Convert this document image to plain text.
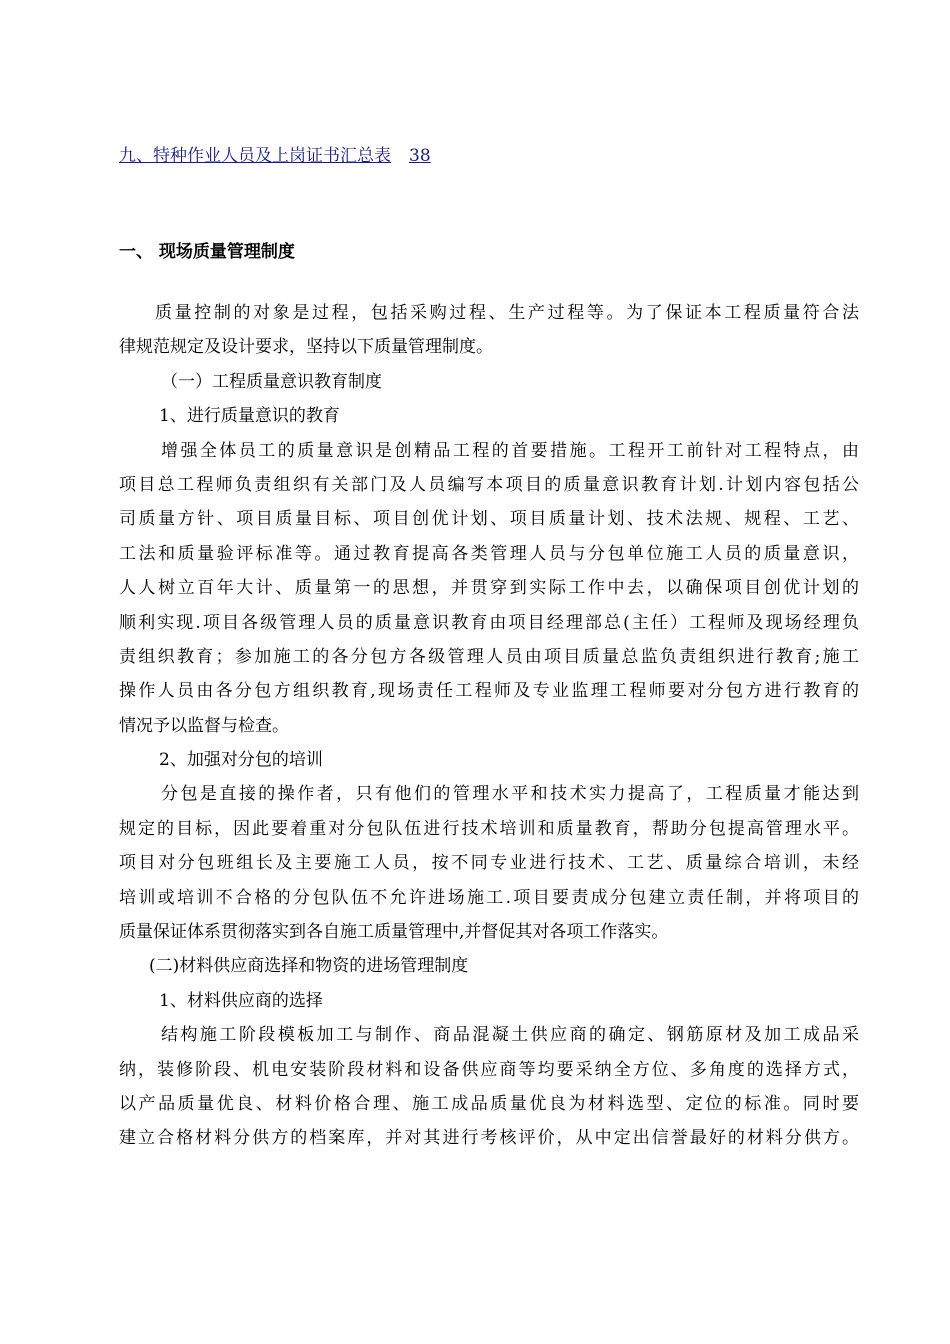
九、特种作业人员及上岗证书汇总表 38
一、 现场质量管理制度
质量控制的对象是过程，包括采购过程、生产过程等。为了保证本工程质量符合法
律规范规定及设计要求，坚持以下质量管理制度。
（一）工程质量意识教育制度
1、进行质量意识的教育
增强全体员工的质量意识是创精品工程的首要措施。工程开工前针对工程特点，由
项目总工程师负责组织有关部门及人员编写本项目的质量意识教育计划.计划内容包括公
司质量方针、项目质量目标、项目创优计划、项目质量计划、技术法规、规程、工艺、
工法和质量验评标准等。通过教育提高各类管理人员与分包单位施工人员的质量意识，
人人树立百年大计、质量第一的思想，并贯穿到实际工作中去，以确保项目创优计划的
顺利实现.项目各级管理人员的质量意识教育由项目经理部总(主任）工程师及现场经理负
责组织教育；参加施工的各分包方各级管理人员由项目质量总监负责组织进行教育;施工
操作人员由各分包方组织教育,现场责任工程师及专业监理工程师要对分包方进行教育的
情况予以监督与检查。
2、加强对分包的培训
分包是直接的操作者，只有他们的管理水平和技术实力提高了，工程质量才能达到
规定的目标，因此要着重对分包队伍进行技术培训和质量教育，帮助分包提高管理水平。
项目对分包班组长及主要施工人员，按不同专业进行技术、工艺、质量综合培训，未经
培训或培训不合格的分包队伍不允许进场施工.项目要责成分包建立责任制，并将项目的
质量保证体系贯彻落实到各自施工质量管理中,并督促其对各项工作落实。
(二)材料供应商选择和物资的进场管理制度
1、材料供应商的选择
结构施工阶段模板加工与制作、商品混凝土供应商的确定、钢筋原材及加工成品采
纳，装修阶段、机电安装阶段材料和设备供应商等均要采纳全方位、多角度的选择方式，
以产品质量优良、材料价格合理、施工成品质量优良为材料选型、定位的标准。同时要
建立合格材料分供方的档案库，并对其进行考核评价，从中定出信誉最好的材料分供方。
